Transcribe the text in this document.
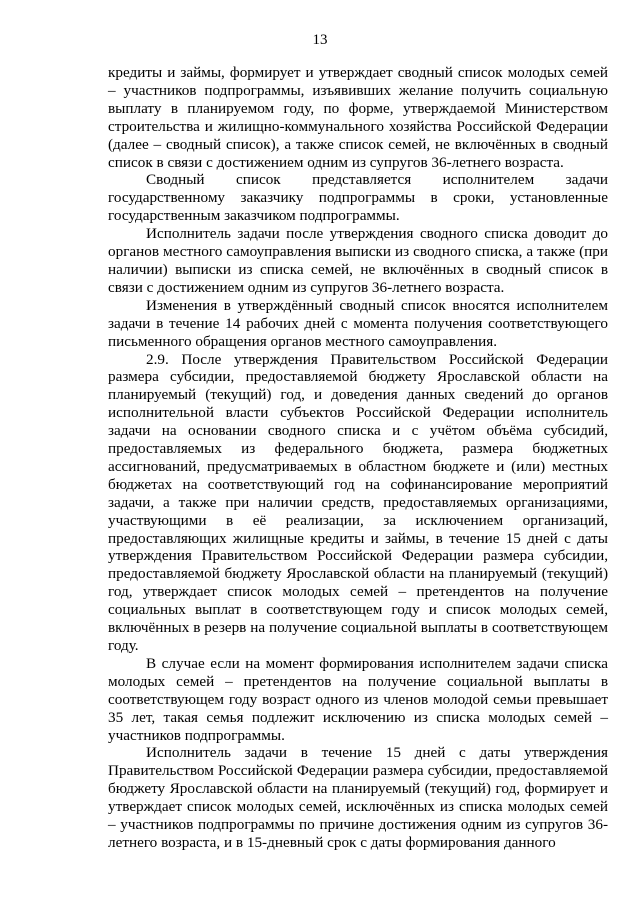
13

кредиты и займы, формирует и утверждает сводный список молодых семей – участников подпрограммы, изъявивших желание получить социальную выплату в планируемом году, по форме, утверждаемой Министерством строительства и жилищно-коммунального хозяйства Российской Федерации (далее – сводный список), а также список семей, не включённых в сводный список в связи с достижением одним из супругов 36-летнего возраста.

Сводный список представляется исполнителем задачи государственному заказчику подпрограммы в сроки, установленные государственным заказчиком подпрограммы.

Исполнитель задачи после утверждения сводного списка доводит до органов местного самоуправления выписки из сводного списка, а также (при наличии) выписки из списка семей, не включённых в сводный список в связи с достижением одним из супругов 36-летнего возраста.

Изменения в утверждённый сводный список вносятся исполнителем задачи в течение 14 рабочих дней с момента получения соответствующего письменного обращения органов местного самоуправления.

2.9. После утверждения Правительством Российской Федерации размера субсидии, предоставляемой бюджету Ярославской области на планируемый (текущий) год, и доведения данных сведений до органов исполнительной власти субъектов Российской Федерации исполнитель задачи на основании сводного списка и с учётом объёма субсидий, предоставляемых из федерального бюджета, размера бюджетных ассигнований, предусматриваемых в областном бюджете и (или) местных бюджетах на соответствующий год на софинансирование мероприятий задачи, а также при наличии средств, предоставляемых организациями, участвующими в её реализации, за исключением организаций, предоставляющих жилищные кредиты и займы, в течение 15 дней с даты утверждения Правительством Российской Федерации размера субсидии, предоставляемой бюджету Ярославской области на планируемый (текущий) год, утверждает список молодых семей – претендентов на получение социальных выплат в соответствующем году и список молодых семей, включённых в резерв на получение социальной выплаты в соответствующем году.

В случае если на момент формирования исполнителем задачи списка молодых семей – претендентов на получение социальной выплаты в соответствующем году возраст одного из членов молодой семьи превышает 35 лет, такая семья подлежит исключению из списка молодых семей – участников подпрограммы.

Исполнитель задачи в течение 15 дней с даты утверждения Правительством Российской Федерации размера субсидии, предоставляемой бюджету Ярославской области на планируемый (текущий) год, формирует и утверждает список молодых семей, исключённых из списка молодых семей – участников подпрограммы по причине достижения одним из супругов 36-летнего возраста, и в 15-дневный срок с даты формирования данного
